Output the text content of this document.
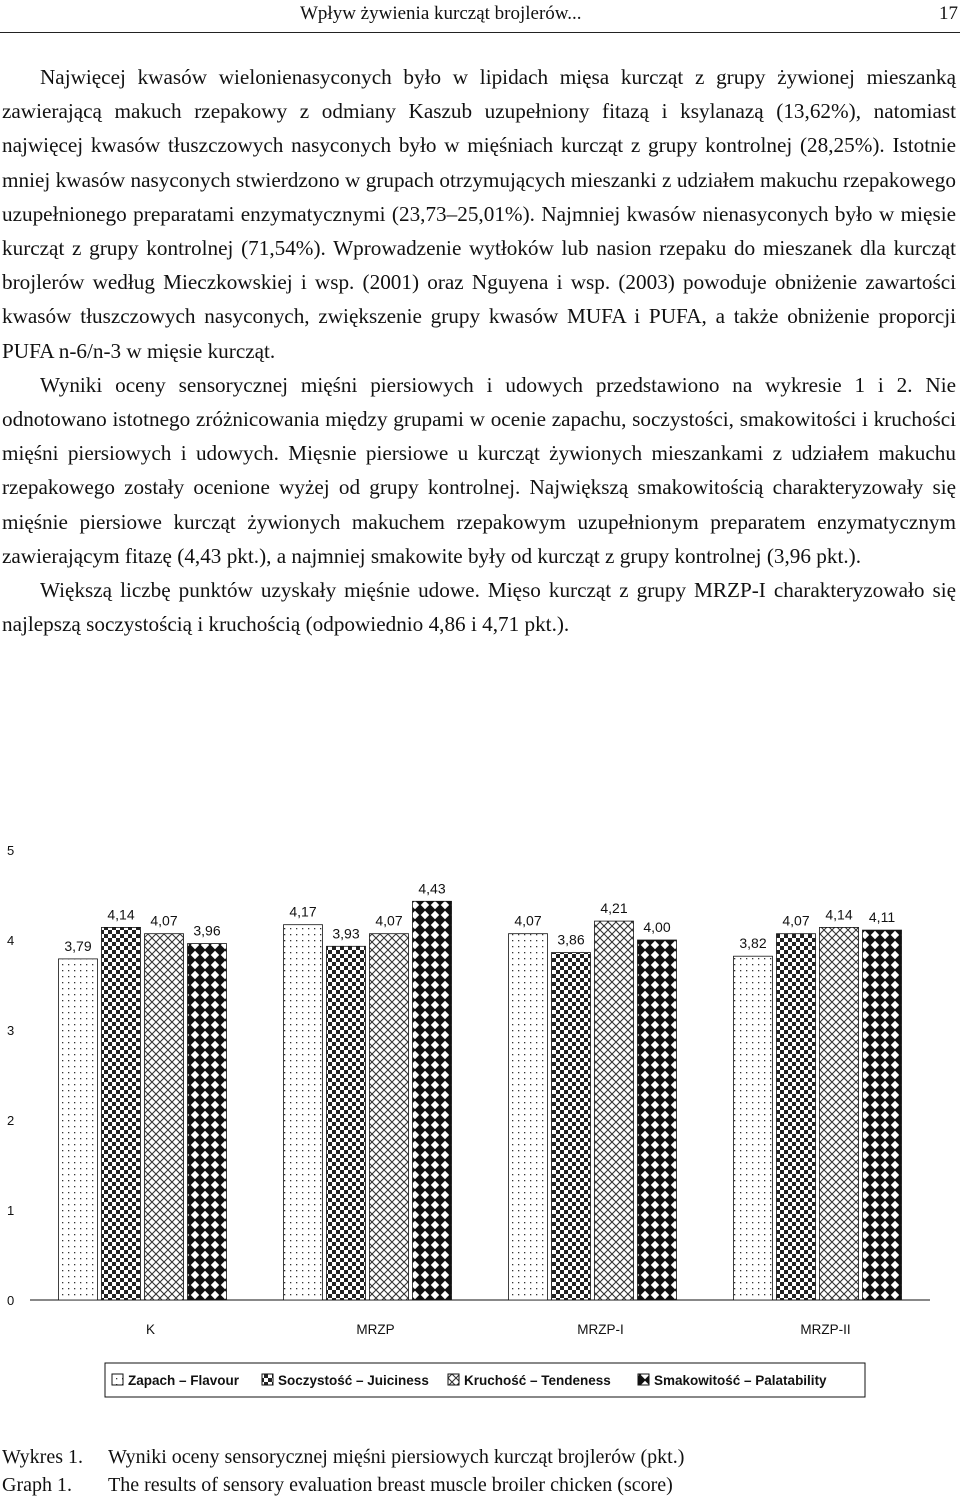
Wpływ żywienia kurcząt brojlerów...	17

Najwięcej kwasów wielonienasyconych było w lipidach mięsa kurcząt z grupy żywionej mieszanką zawierającą makuch rzepakowy z odmiany Kaszub uzupełniony fitazą i ksylanazą (13,62%), natomiast najwięcej kwasów tłuszczowych nasyconych było w mięśniach kurcząt z grupy kontrolnej (28,25%). Istotnie mniej kwasów nasyconych stwierdzono w grupach otrzymujących mieszanki z udziałem makuchu rzepakowego uzupełnionego preparatami enzymatycznymi (23,73–25,01%). Najmniej kwasów nienasyconych było w mięsie kurcząt z grupy kontrolnej (71,54%). Wprowadzenie wytłoków lub nasion rzepaku do mieszanek dla kurcząt brojlerów według Mieczkowskiej i wsp. (2001) oraz Nguyena i wsp. (2003) powoduje obniżenie zawartości kwasów tłuszczowych nasyconych, zwiększenie grupy kwasów MUFA i PUFA, a także obniżenie proporcji PUFA n-6/n-3 w mięsie kurcząt.

Wyniki oceny sensorycznej mięśni piersiowych i udowych przedstawiono na wykresie 1 i 2. Nie odnotowano istotnego zróżnicowania między grupami w ocenie zapachu, soczystości, smakowitości i kruchości mięśni piersiowych i udowych. Mięsnie piersiowe u kurcząt żywionych mieszankami z udziałem makuchu rzepakowego zostały ocenione wyżej od grupy kontrolnej. Największą smakowitością charakteryzowały się mięśnie piersiowe kurcząt żywionych makuchem rzepakowym uzupełnionym preparatem enzymatycznym zawierającym fitazę (4,43 pkt.), a najmniej smakowite były od kurcząt z grupy kontrolnej (3,96 pkt.).

Większą liczbę punktów uzyskały mięśnie udowe. Mięso kurcząt z grupy MRZP-I charakteryzowało się najlepszą soczystością i kruchością (odpowiednio 4,86 i 4,71 pkt.).

0
1
2
3
4
5
K	MRZP	MRZP-I	MRZP-II
3,79
4,14 4,07
3,96
4,17
3,93
4,07
4,43
4,07
3,86
4,21
4,00
3,82
4,07 4,14 4,11
Zapach – Flavour	Soczystość – Juiciness	Kruchość – Tendeness	Smakowitość – Palatability
Wykres 1. Wyniki oceny sensorycznej mięśni piersiowych kurcząt brojlerów (pkt.)
Graph 1. The results of sensory evaluation breast muscle broiler chicken (score)
